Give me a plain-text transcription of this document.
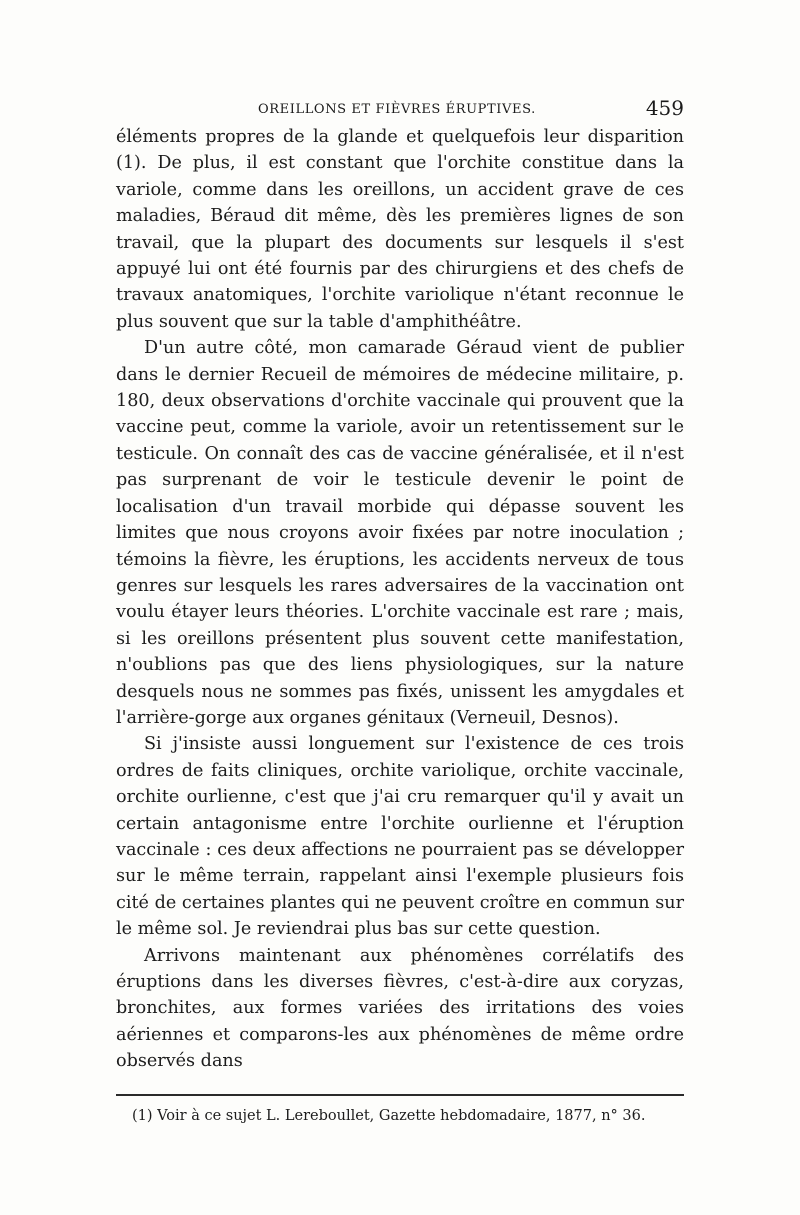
OREILLONS ET FIÈVRES ÉRUPTIVES.	459

éléments propres de la glande et quelquefois leur disparition (1). De plus, il est constant que l'orchite constitue dans la variole, comme dans les oreillons, un accident grave de ces maladies, Béraud dit même, dès les premières lignes de son travail, que la plupart des documents sur lesquels il s'est appuyé lui ont été fournis par des chirurgiens et des chefs de travaux anatomiques, l'orchite variolique n'étant reconnue le plus souvent que sur la table d'amphithéâtre.

D'un autre côté, mon camarade Géraud vient de publier dans le dernier Recueil de mémoires de médecine militaire, p. 180, deux observations d'orchite vaccinale qui prouvent que la vaccine peut, comme la variole, avoir un retentissement sur le testicule. On connaît des cas de vaccine généralisée, et il n'est pas surprenant de voir le testicule devenir le point de localisation d'un travail morbide qui dépasse souvent les limites que nous croyons avoir fixées par notre inoculation ; témoins la fièvre, les éruptions, les accidents nerveux de tous genres sur lesquels les rares adversaires de la vaccination ont voulu étayer leurs théories. L'orchite vaccinale est rare ; mais, si les oreillons présentent plus souvent cette manifestation, n'oublions pas que des liens physiologiques, sur la nature desquels nous ne sommes pas fixés, unissent les amygdales et l'arrière-gorge aux organes génitaux (Verneuil, Desnos).

Si j'insiste aussi longuement sur l'existence de ces trois ordres de faits cliniques, orchite variolique, orchite vaccinale, orchite ourlienne, c'est que j'ai cru remarquer qu'il y avait un certain antagonisme entre l'orchite ourlienne et l'éruption vaccinale : ces deux affections ne pourraient pas se développer sur le même terrain, rappelant ainsi l'exemple plusieurs fois cité de certaines plantes qui ne peuvent croître en commun sur le même sol. Je reviendrai plus bas sur cette question.

Arrivons maintenant aux phénomènes corrélatifs des éruptions dans les diverses fièvres, c'est-à-dire aux coryzas, bronchites, aux formes variées des irritations des voies aériennes et comparons-les aux phénomènes de même ordre observés dans

(1) Voir à ce sujet L. Lereboullet, Gazette hebdomadaire, 1877, n° 36.
